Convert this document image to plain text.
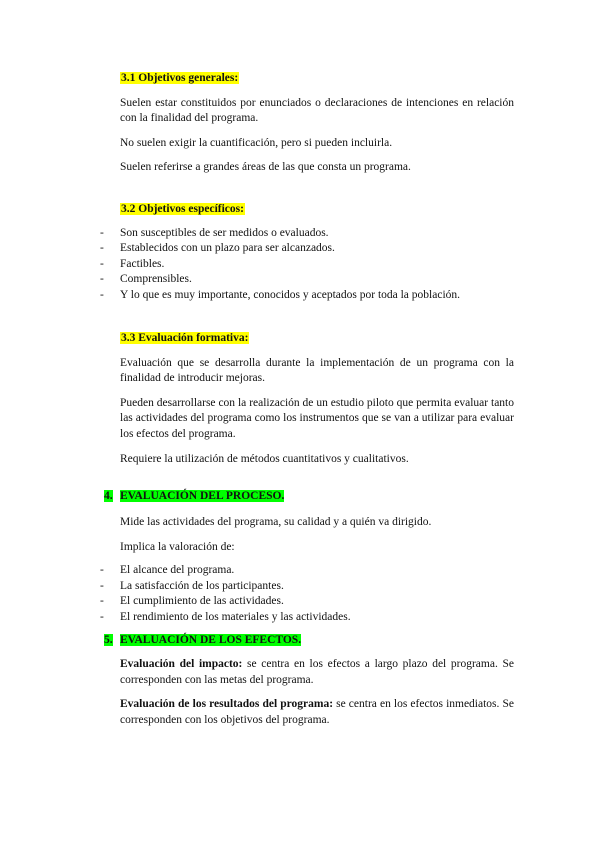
3.1 Objetivos generales:

Suelen estar constituidos por enunciados o declaraciones de intenciones en relación con la finalidad del programa.

No suelen exigir la cuantificación, pero si pueden incluirla.

Suelen referirse a grandes áreas de las que consta un programa.

3.2 Objetivos específicos:
- Son susceptibles de ser medidos o evaluados.
- Establecidos con un plazo para ser alcanzados.
- Factibles.
- Comprensibles.
- Y lo que es muy importante, conocidos y aceptados por toda la población.
3.3 Evaluación formativa:

Evaluación que se desarrolla durante la implementación de un programa con la finalidad de introducir mejoras.

Pueden desarrollarse con la realización de un estudio piloto que permita evaluar tanto las actividades del programa como los instrumentos que se van a utilizar para evaluar los efectos del programa.

Requiere la utilización de métodos cuantitativos y cualitativos.

4. EVALUACIÓN DEL PROCESO.

Mide las actividades del programa, su calidad y a quién va dirigido.

Implica la valoración de:

- El alcance del programa.
- La satisfacción de los participantes.
- El cumplimiento de las actividades.
- El rendimiento de los materiales y las actividades.
5. EVALUACIÓN DE LOS EFECTOS.

Evaluación del impacto: se centra en los efectos a largo plazo del programa. Se corresponden con las metas del programa.

Evaluación de los resultados del programa: se centra en los efectos inmediatos. Se corresponden con los objetivos del programa.
